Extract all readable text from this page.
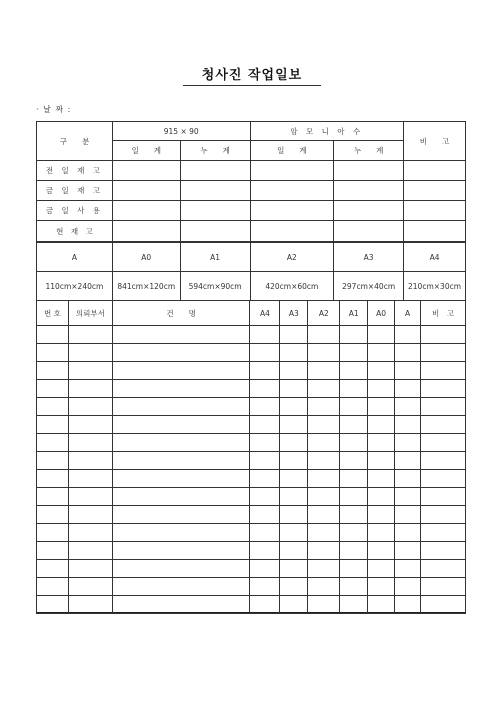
청사진 작업일보
· 날 짜 :
구　　분	915 × 90		암 모 니 아 수		비　　고
	일　　계	누　　계	일　　계	누　　계	
전 일 재 고					
금 일 재 고					
금 일 사 용					
현　재　고					
A	A0	A1	A2	A3	A4
110cm×240cm	841cm×120cm	594cm×90cm	420cm×60cm	297cm×40cm	210cm×30cm
번 호	의뢰부서	건　　명	A4	A3	A2	A1	A0	A	비　고
